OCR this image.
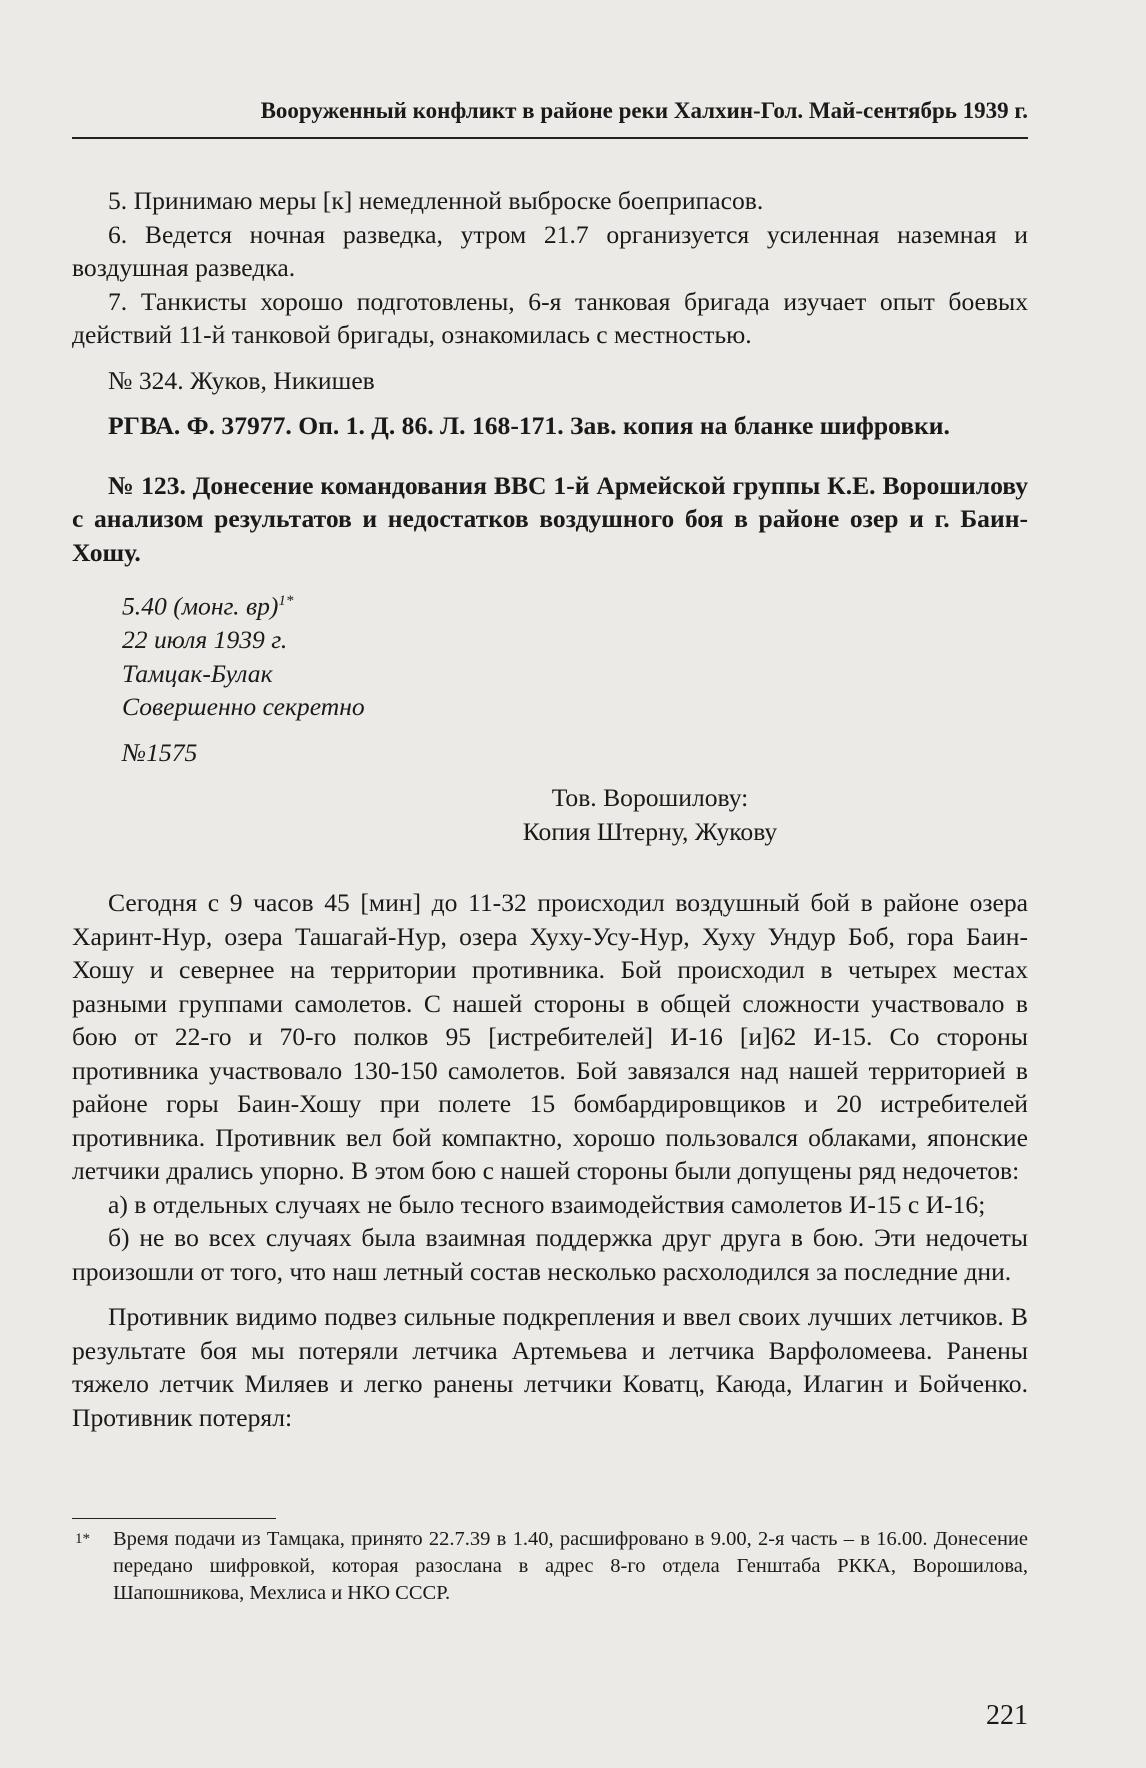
Вооруженный конфликт в районе реки Халхин-Гол. Май-сентябрь 1939 г.

5. Принимаю меры [к] немедленной выброске боеприпасов.

6. Ведется ночная разведка, утром 21.7 организуется усиленная наземная и воздушная разведка.

7. Танкисты хорошо подготовлены, 6-я танковая бригада изучает опыт боевых действий 11-й танковой бригады, ознакомилась с местностью.

№ 324. Жуков, Никишев

РГВА. Ф. 37977. Оп. 1. Д. 86. Л. 168-171. Зав. копия на бланке шифровки.

№ 123. Донесение командования ВВС 1-й Армейской группы К.Е. Ворошилову с анализом результатов и недостатков воздушного боя в районе озер и г. Баин-Хошу.

5.40 (монг. вр)$^{1*}$

22 июля 1939 г.

Тамцак-Булак

Совершенно секретно

№1575

Тов. Ворошилову:

Копия Штерну, Жукову

Сегодня с 9 часов 45 [мин] до 11-32 происходил воздушный бой в районе озера Харинт-Нур, озера Ташагай-Нур, озера Хуху-Усу-Нур, Хуху Ундур Боб, гора Баин-Хошу и севернее на территории противника. Бой происходил в четырех местах разными группами самолетов. С нашей стороны в общей сложности участвовало в бою от 22-го и 70-го полков 95 [истребителей] И-16 [и]62 И-15. Со стороны противника участвовало 130-150 самолетов. Бой завязался над нашей территорией в районе горы Баин-Хошу при полете 15 бомбардировщиков и 20 истребителей противника. Противник вел бой компактно, хорошо пользовался облаками, японские летчики дрались упорно. В этом бою с нашей стороны были допущены ряд недочетов:

а) в отдельных случаях не было тесного взаимодействия самолетов И-15 с И-16;

б) не во всех случаях была взаимная поддержка друг друга в бою. Эти недочеты произошли от того, что наш летный состав несколько расхолодился за последние дни.

Противник видимо подвез сильные подкрепления и ввел своих лучших летчиков. В результате боя мы потеряли летчика Артемьева и летчика Варфоломеева. Ранены тяжело летчик Миляев и легко ранены летчики Коватц, Каюда, Илагин и Бойченко. Противник потерял:

1*	Время подачи из Тамцака, принято 22.7.39 в 1.40, расшифровано в 9.00, 2-я часть – в 16.00. Донесение передано шифровкой, которая разослана в адрес 8-го отдела Генштаба РККА, Ворошилова, Шапошникова, Мехлиса и НКО СССР.
221
